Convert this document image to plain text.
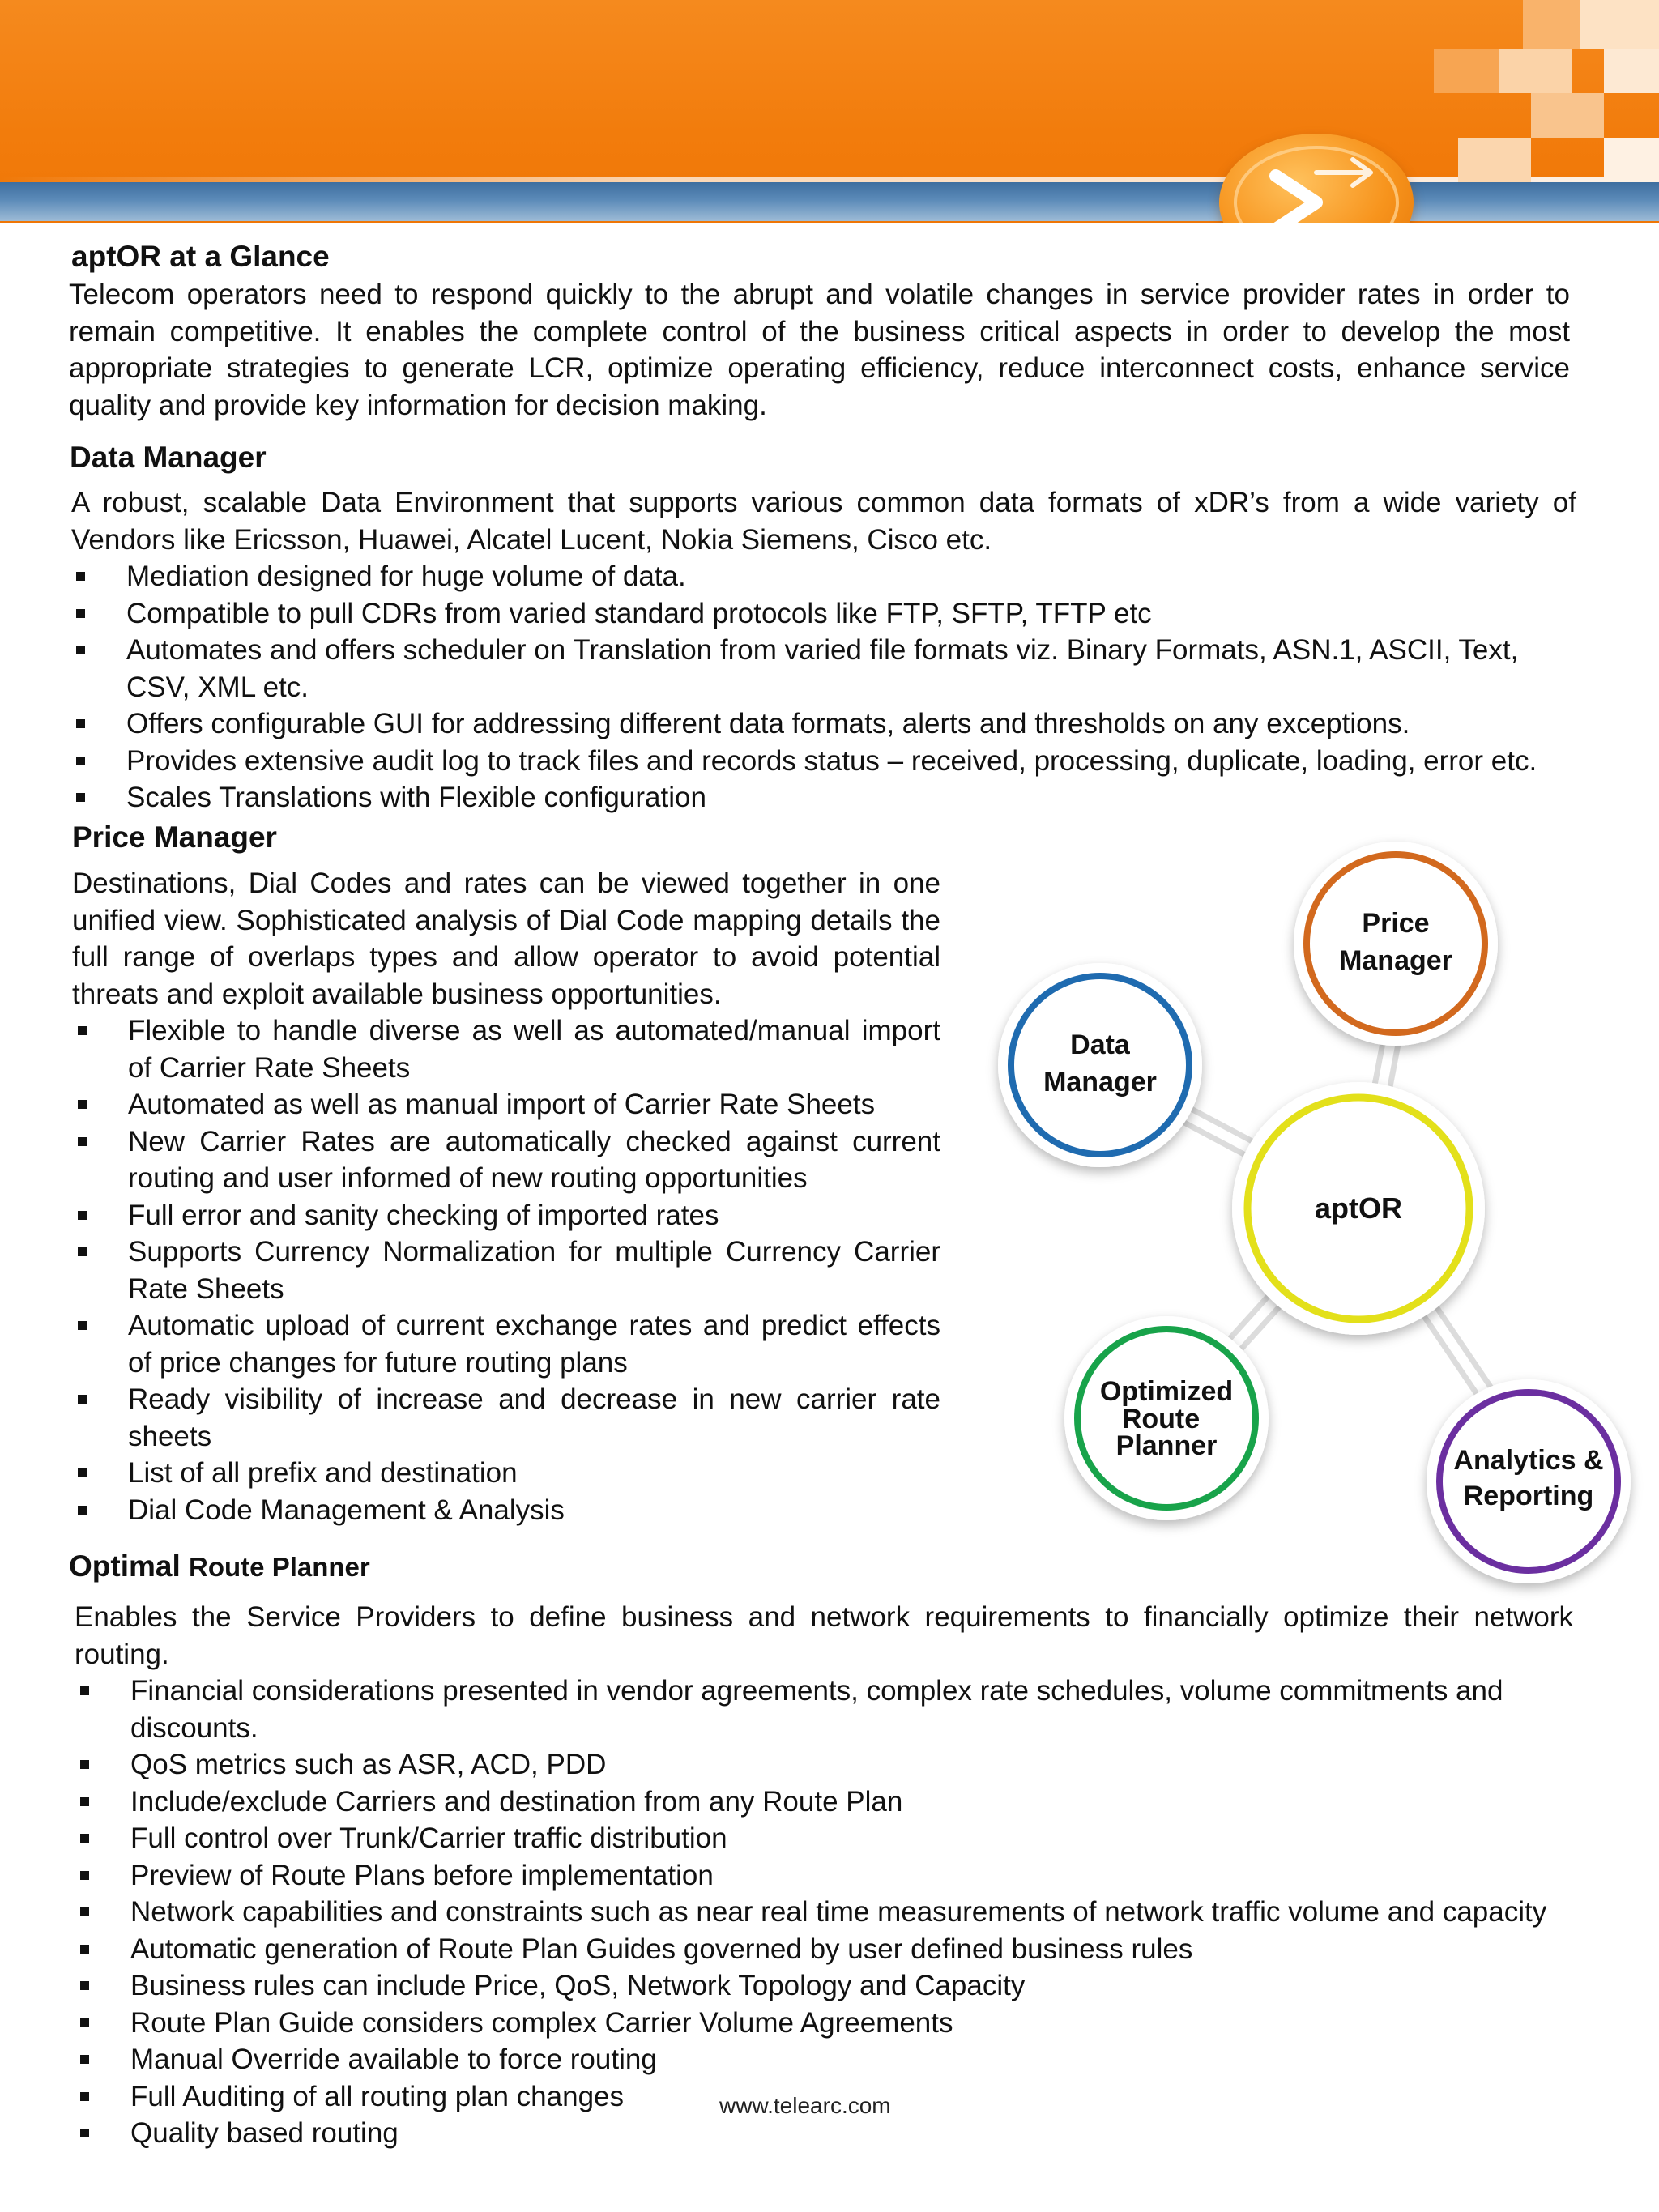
aptOR at a Glance
Telecom operators need to respond quickly to the abrupt and volatile changes in service provider rates in order to remain competitive. It enables the complete control of the business critical aspects in order to develop the most appropriate strategies to generate LCR, optimize operating efficiency, reduce interconnect costs, enhance service quality and provide key information for decision making.
Data Manager
A robust, scalable Data Environment that supports various common data formats of xDR’s from a wide variety of Vendors like Ericsson, Huawei, Alcatel Lucent, Nokia Siemens, Cisco etc.
Mediation designed for huge volume of data.
Compatible to pull CDRs from varied standard protocols like FTP, SFTP, TFTP etc
Automates and offers scheduler on Translation from varied file formats viz. Binary Formats, ASN.1, ASCII, Text, CSV, XML etc.
Offers configurable GUI for addressing different data formats, alerts and thresholds on any exceptions.
Provides extensive audit log to track files and records status – received, processing, duplicate, loading, error etc.
Scales Translations with Flexible configuration
Price Manager
Destinations, Dial Codes and rates can be viewed together in one unified view. Sophisticated analysis of Dial Code mapping details the full range of overlaps types and allow operator to avoid potential threats and exploit available business opportunities.
Flexible to handle diverse as well as automated/manual import of Carrier Rate Sheets
Automated as well as manual import of Carrier Rate Sheets
New Carrier Rates are automatically checked against current routing and user informed of new routing opportunities
Full error and sanity checking of imported rates
Supports Currency Normalization for multiple Currency Carrier Rate Sheets
Automatic upload of current exchange rates and predict effects of price changes for future routing plans
Ready visibility of increase and decrease in new carrier rate sheets
List of all prefix and destination
Dial Code Management & Analysis
Price
Manager
Data
Manager
Optimized
Route
Planner	Analytics &
Reporting
aptOR
Optimal Route Planner
Enables the Service Providers to define business and network requirements to financially optimize their network routing.
Financial considerations presented in vendor agreements, complex rate schedules, volume commitments and discounts.
QoS metrics such as ASR, ACD, PDD
Include/exclude Carriers and destination from any Route Plan
Full control over Trunk/Carrier traffic distribution
Preview of Route Plans before implementation
Network capabilities and constraints such as near real time measurements of network traffic volume and capacity
Automatic generation of Route Plan Guides governed by user defined business rules
Business rules can include Price, QoS, Network Topology and Capacity
Route Plan Guide considers complex Carrier Volume Agreements
Manual Override available to force routing
Full Auditing of all routing plan changes
Quality based routing
www.telearc.com
